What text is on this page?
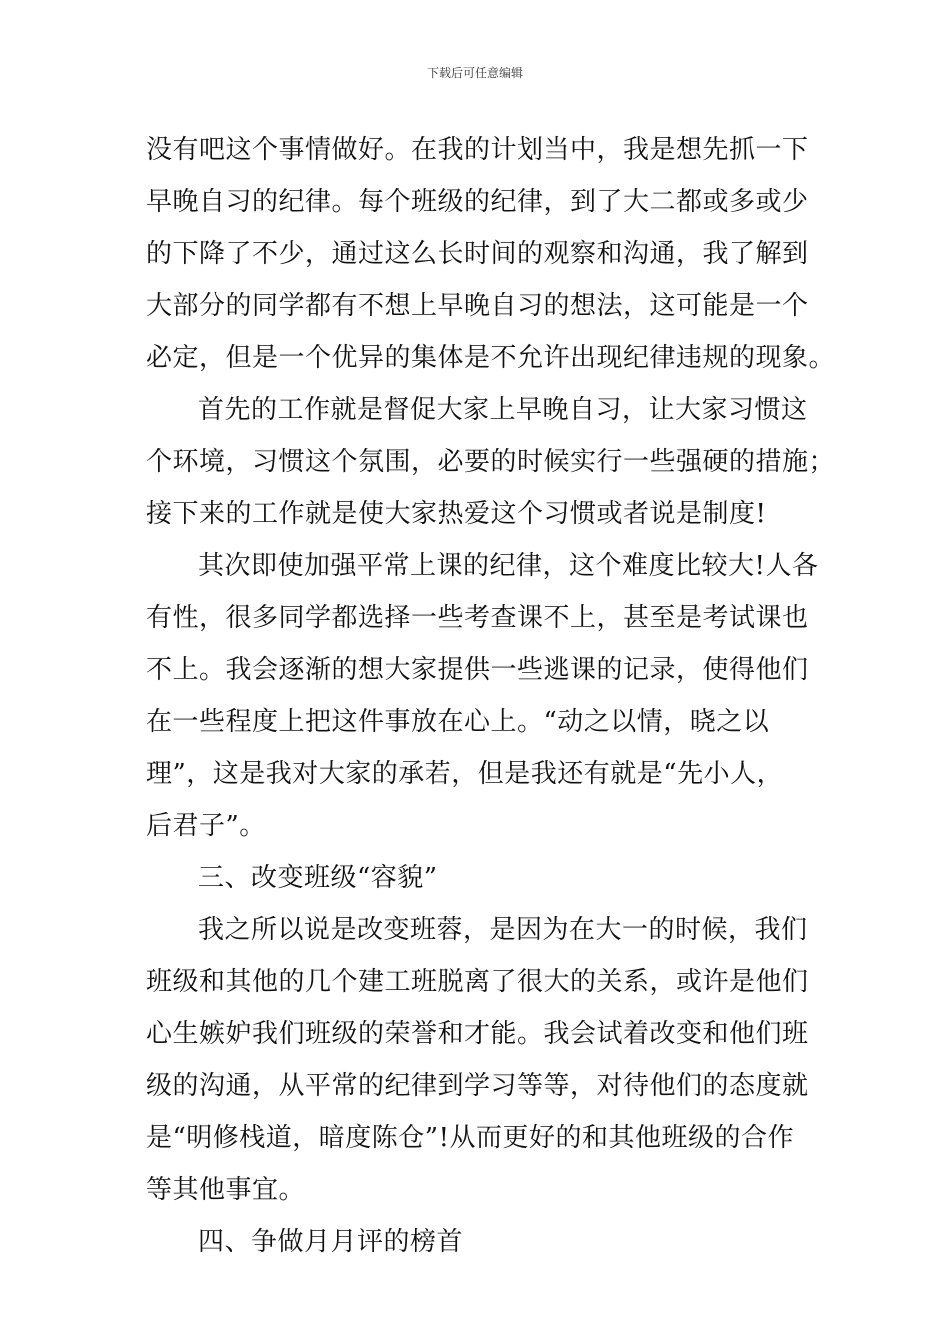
下载后可任意编辑
没有吧这个事情做好。在我的计划当中，我是想先抓一下
早晚自习的纪律。每个班级的纪律，到了大二都或多或少
的下降了不少，通过这么长时间的观察和沟通，我了解到
大部分的同学都有不想上早晚自习的想法，这可能是一个
必定，但是一个优异的集体是不允许出现纪律违规的现象。
首先的工作就是督促大家上早晚自习，让大家习惯这
个环境，习惯这个氛围，必要的时候实行一些强硬的措施；
接下来的工作就是使大家热爱这个习惯或者说是制度!
其次即使加强平常上课的纪律，这个难度比较大!人各
有性，很多同学都选择一些考查课不上，甚至是考试课也
不上。我会逐渐的想大家提供一些逃课的记录，使得他们
在一些程度上把这件事放在心上。“动之以情，晓之以
理”，这是我对大家的承若，但是我还有就是“先小人，
后君子”。
三、改变班级“容貌”
我之所以说是改变班蓉，是因为在大一的时候，我们
班级和其他的几个建工班脱离了很大的关系，或许是他们
心生嫉妒我们班级的荣誉和才能。我会试着改变和他们班
级的沟通，从平常的纪律到学习等等，对待他们的态度就
是“明修栈道，暗度陈仓”!从而更好的和其他班级的合作
等其他事宜。
四、争做月月评的榜首
